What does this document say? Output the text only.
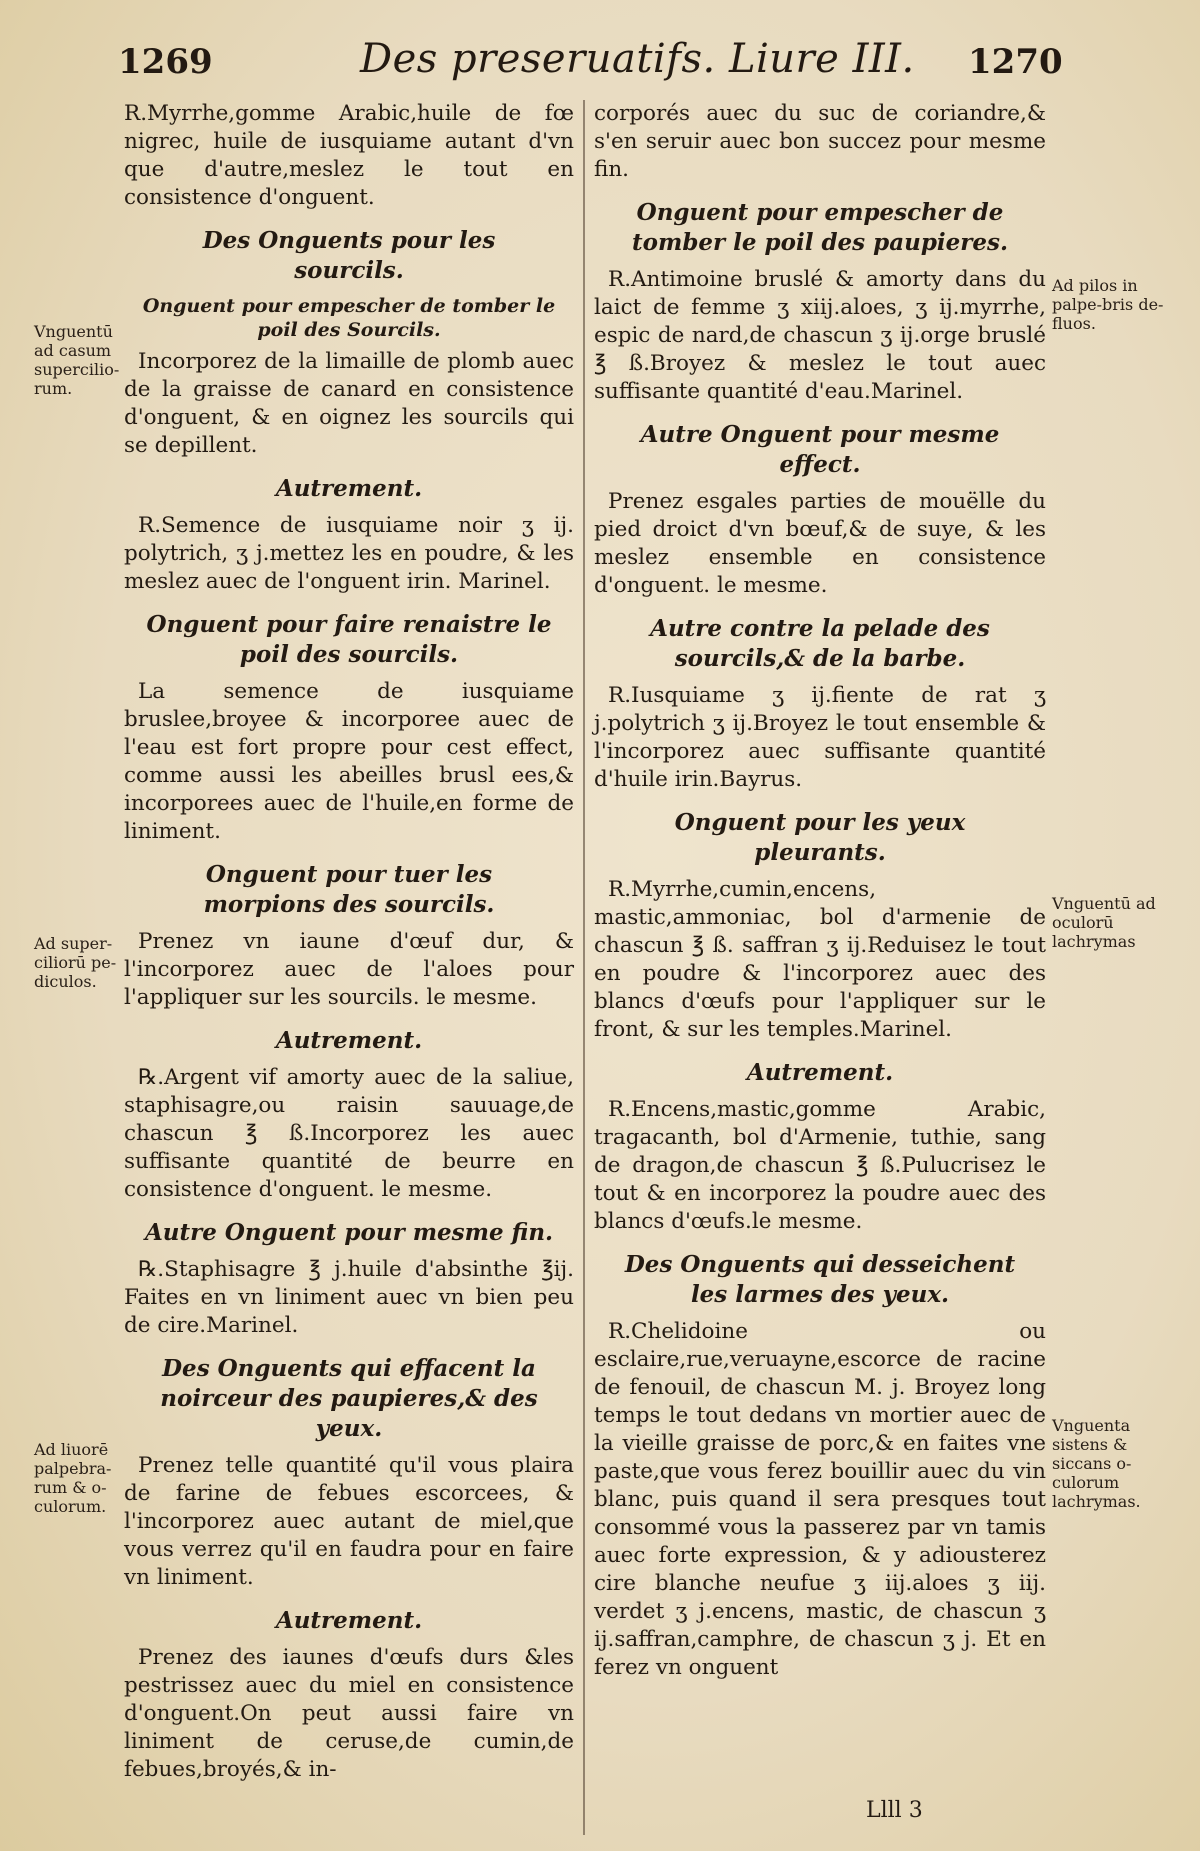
1269	Des preseruatifs. Liure III. 1270

R.Myrrhe,gomme Arabic,huile de fœ nigrec, huile de iusquiame autant d'vn que d'autre,meslez le tout en consistence d'onguent.

Des Onguents pour les sourcils.
Onguent pour empescher de tomber le poil des Sourcils.

Incorporez de la limaille de plomb auec de la graisse de canard en consistence d'onguent, & en oignez les sourcils qui se depillent.

Autrement.

R.Semence de iusquiame noir ʒ ij. polytrich, ʒ j.mettez les en poudre, & les meslez auec de l'onguent irin. Marinel.

Onguent pour faire renaistre le poil des sourcils.

La semence de iusquiame bruslee,broyee & incorporee auec de l'eau est fort propre pour cest effect, comme aussi les abeilles brusl ees,& incorporees auec de l'huile,en forme de liniment.

Onguent pour tuer les morpions des sourcils.

Prenez vn iaune d'œuf dur, & l'incorporez auec de l'aloes pour l'appliquer sur les sourcils. le mesme.

Autrement.

℞.Argent vif amorty auec de la saliue, staphisagre,ou raisin sauuage,de chascun ℥ ß.Incorporez les auec suffisante quantité de beurre en consistence d'onguent. le mesme.

Autre Onguent pour mesme fin.

℞.Staphisagre ℥ j.huile d'absinthe ℥ij. Faites en vn liniment auec vn bien peu de cire.Marinel.

Des Onguents qui effacent la noirceur des paupieres,& des yeux.

Prenez telle quantité qu'il vous plaira de farine de febues escorcees, & l'incorporez auec autant de miel,que vous verrez qu'il en faudra pour en faire vn liniment.

Autrement.

Prenez des iaunes d'œufs durs &les pestrissez auec du miel en consistence d'onguent.On peut aussi faire vn liniment de ceruse,de cumin,de febues,broyés,& in-

corporés auec du suc de coriandre,& s'en seruir auec bon succez pour mesme fin.

Onguent pour empescher de tomber le poil des paupieres.

R.Antimoine bruslé & amorty dans du laict de femme ʒ xiij.aloes, ʒ ij.myrrhe, espic de nard,de chascun ʒ ij.orge bruslé ℥ ß.Broyez & meslez le tout auec suffisante quantité d'eau.Marinel.

Autre Onguent pour mesme effect.

Prenez esgales parties de mouëlle du pied droict d'vn bœuf,& de suye, & les meslez ensemble en consistence d'onguent. le mesme.

Autre contre la pelade des sourcils,& de la barbe.

R.Iusquiame ʒ ij.fiente de rat ʒ j.polytrich ʒ ij.Broyez le tout ensemble & l'incorporez auec suffisante quantité d'huile irin.Bayrus.

Onguent pour les yeux pleurants.

R.Myrrhe,cumin,encens, mastic,ammoniac, bol d'armenie de chascun ℥ ß. saffran ʒ ij.Reduisez le tout en poudre & l'incorporez auec des blancs d'œufs pour l'appliquer sur le front, & sur les temples.Marinel.

Autrement.

R.Encens,mastic,gomme Arabic, tragacanth, bol d'Armenie, tuthie, sang de dragon,de chascun ℥ ß.Pulucrisez le tout & en incorporez la poudre auec des blancs d'œufs.le mesme.

Des Onguents qui desseichent les larmes des yeux.

R.Chelidoine ou esclaire,rue,veruayne,escorce de racine de fenouil, de chascun M. j. Broyez long temps le tout dedans vn mortier auec de la vieille graisse de porc,& en faites vne paste,que vous ferez bouillir auec du vin blanc, puis quand il sera presques tout consommé vous la passerez par vn tamis auec forte expression, & y adiousterez cire blanche neufue ʒ iij.aloes ʒ iij. verdet ʒ j.encens, mastic, de chascun ʒ ij.saffran,camphre, de chascun ʒ j. Et en ferez vn onguent

Vnguentū ad casum supercilio-rum.
Ad super-ciliorū pe-diculos.
Ad liuorē palpebra-rum & o-culorum.
Ad pilos in palpe-bris de-fluos.
Vnguentū ad oculorū lachrymas
Vnguenta sistens & siccans o-culorum lachrymas.
Llll 3
